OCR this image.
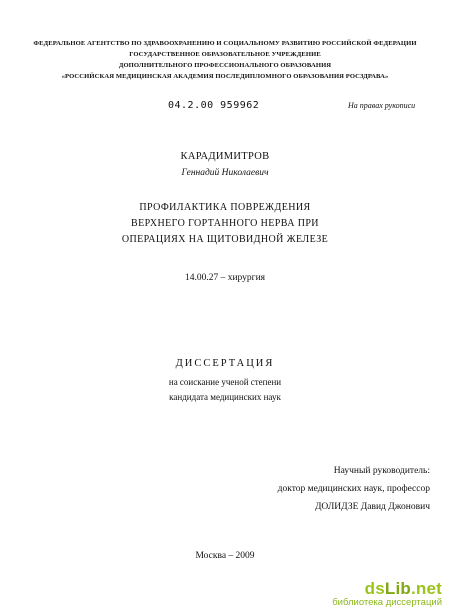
ФЕДЕРАЛЬНОЕ АГЕНТСТВО ПО ЗДРАВООХРАНЕНИЮ И СОЦИАЛЬНОМУ РАЗВИТИЮ РОССИЙСКОЙ ФЕДЕРАЦИИ
ГОСУДАРСТВЕННОЕ ОБРАЗОВАТЕЛЬНОЕ УЧРЕЖДЕНИЕ
ДОПОЛНИТЕЛЬНОГО ПРОФЕССИОНАЛЬНОГО ОБРАЗОВАНИЯ
«РОССИЙСКАЯ МЕДИЦИНСКАЯ АКАДЕМИЯ ПОСЛЕДИПЛОМНОГО ОБРАЗОВАНИЯ РОСЗДРАВА»
04.2.00 959962	На правах рукописи
КАРАДИМИТРОВ
Геннадий Николаевич
ПРОФИЛАКТИКА ПОВРЕЖДЕНИЯ
ВЕРХНЕГО ГОРТАННОГО НЕРВА ПРИ
ОПЕРАЦИЯХ НА ЩИТОВИДНОЙ ЖЕЛЕЗЕ
14.00.27 – хирургия
ДИССЕРТАЦИЯ
на соискание ученой степени
кандидата медицинских наук
Научный руководитель:
доктор медицинских наук, профессор
ДОЛИДЗЕ Давид Джонович
Москва – 2009
dsLib.net
библиотека диссертаций
